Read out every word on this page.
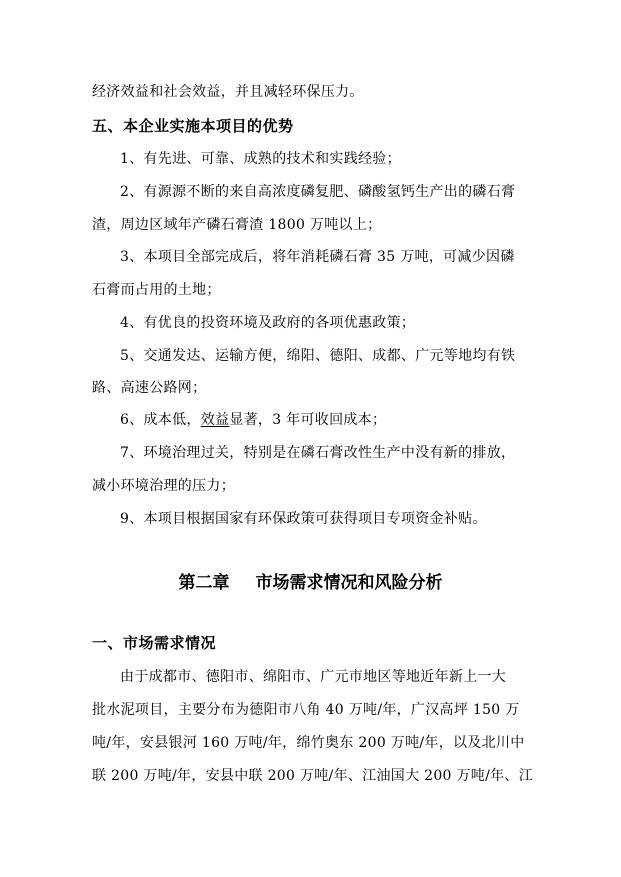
经济效益和社会效益，并且减轻环保压力。
五、本企业实施本项目的优势
1、有先进、可靠、成熟的技术和实践经验；
2、有源源不断的来自高浓度磷复肥、磷酸氢钙生产出的磷石膏
渣，周边区域年产磷石膏渣 1800 万吨以上；
3、本项目全部完成后，将年消耗磷石膏 35 万吨，可减少因磷
石膏而占用的土地；
4、有优良的投资环境及政府的各项优惠政策；
5、交通发达、运输方便，绵阳、德阳、成都、广元等地均有铁
路、高速公路网；
6、成本低，效益显著，3 年可收回成本；
7、环境治理过关，特别是在磷石膏改性生产中没有新的排放，
减小环境治理的压力；
9、本项目根据国家有环保政策可获得项目专项资金补贴。
第二章 市场需求情况和风险分析
一、市场需求情况
由于成都市、德阳市、绵阳市、广元市地区等地近年新上一大
批水泥项目，主要分布为德阳市八角 40 万吨/年，广汉高坪 150 万
吨/年，安县银河 160 万吨/年，绵竹奥东 200 万吨/年，以及北川中
联 200 万吨/年，安县中联 200 万吨/年、江油国大 200 万吨/年、江
